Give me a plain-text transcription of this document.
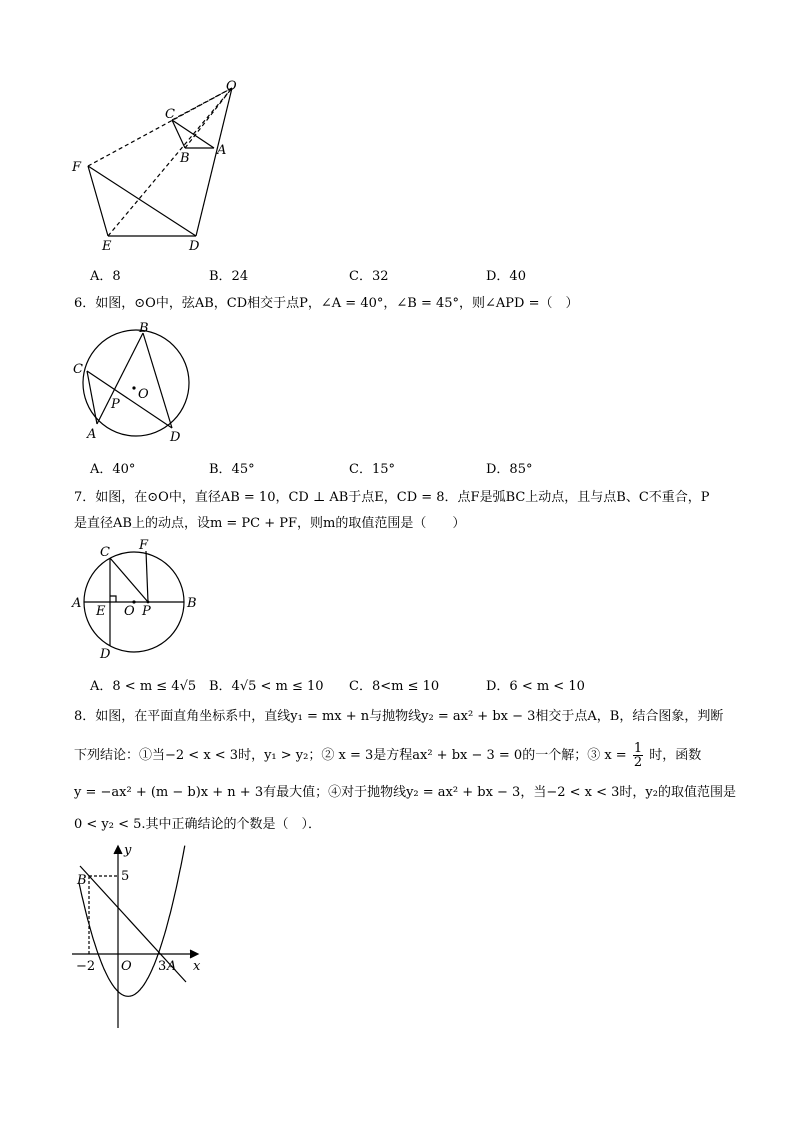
O
C
B
A
F
E	D
A．8	B．24	C．32	D．40
6．如图，⊙O中，弦AB，CD相交于点P，∠A = 40°，∠B = 45°，则∠APD =（　）
B
C
O
P
A	D
A．40°	B．45°	C．15°	D．85°
7．如图，在⊙O中，直径AB = 10，CD ⊥ AB于点E，CD = 8．点F是弧BC上动点，且与点B、C不重合，P
是直径AB上的动点，设m = PC + PF，则m的取值范围是（　　）
C F
A
E O P
B
D
A．8 < m ≤ 4√5 B．4√5 < m ≤ 10 C．8<m ≤ 10	D．6 < m < 10
8．如图，在平面直角坐标系中，直线y₁ = mx + n与抛物线y₂ = ax² + bx − 3相交于点A，B，结合图象，判断
下列结论：①当−2 < x < 3时，y₁ > y₂；② x = 3是方程ax² + bx − 3 = 0的一个解；③ $x = \frac{1}{2}$ 时，函数
y = −ax² + (m − b)x + n + 3有最大值；④对于抛物线y₂ = ax² + bx − 3，当−2 < x < 3时，y₂的取值范围是
0 < y₂ < 5.其中正确结论的个数是（　）．
y
B	5
−2 O 3 A x
